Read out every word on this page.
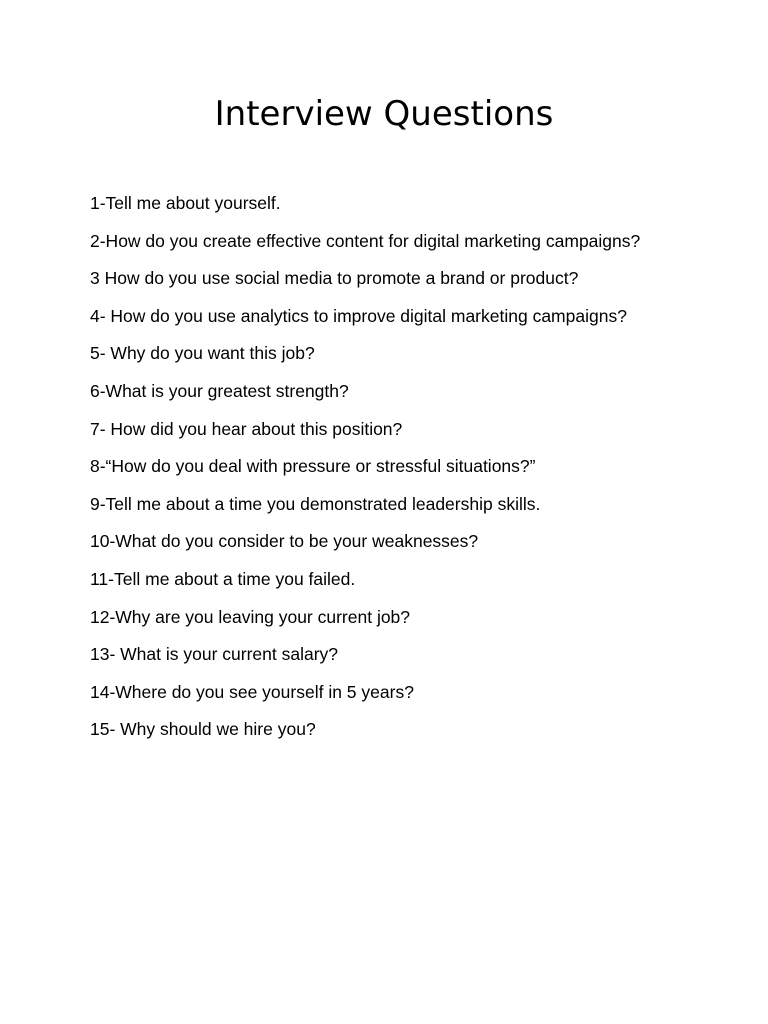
Interview Questions
1-Tell me about yourself.
2-How do you create effective content for digital marketing campaigns?
3 How do you use social media to promote a brand or product?
4- How do you use analytics to improve digital marketing campaigns?
5- Why do you want this job?
6-What is your greatest strength?
7- How did you hear about this position?
8-“How do you deal with pressure or stressful situations?”
9-Tell me about a time you demonstrated leadership skills.
10-What do you consider to be your weaknesses?
11-Tell me about a time you failed.
12-Why are you leaving your current job?
13- What is your current salary?
14-Where do you see yourself in 5 years?
15- Why should we hire you?
